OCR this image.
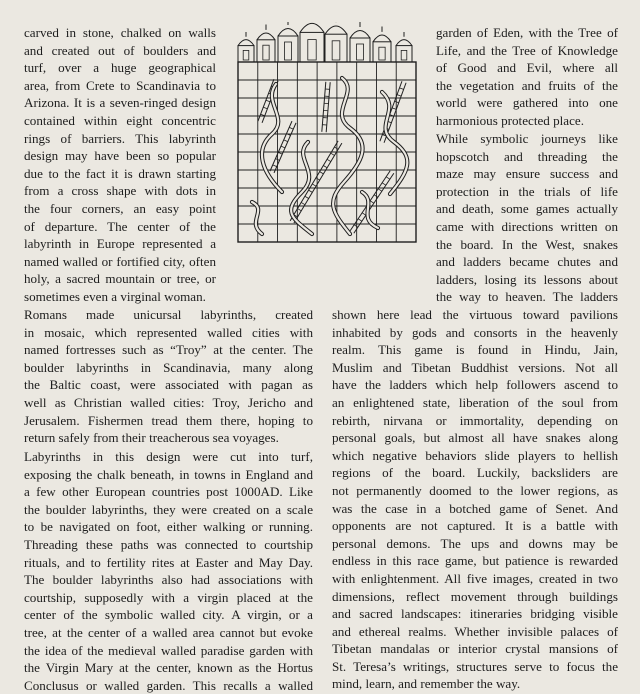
carved in stone, chalked on walls
and created out of boulders and
turf, over a huge geographical
area, from Crete to Scandinavia to
Arizona. It is a seven-ringed design
contained within eight concentric
rings of barriers. This labyrinth
design may have been so popular
due to the fact it is drawn starting
from a cross shape with dots in
the four corners, an easy point
of departure. The center of the
labyrinth in Europe represented a
named walled or fortified city, often
holy, a sacred mountain or tree, or
sometimes even a virginal woman.
Romans made unicursal labyrinths, created
in mosaic, which represented walled cities with
named fortresses such as “Troy” at the center. The
boulder labyrinths in Scandinavia, many along
the Baltic coast, were associated with pagan as
well as Christian walled cities: Troy, Jericho and
Jerusalem. Fishermen tread them there, hoping to
return safely from their treacherous sea voyages.
Labyrinths in this design were cut into turf,
exposing the chalk beneath, in towns in England and
a few other European countries post 1000AD. Like
the boulder labyrinths, they were created on a scale
to be navigated on foot, either walking or running.
Threading these paths was connected to courtship
rituals, and to fertility rites at Easter and May Day.
The boulder labyrinths also had associations with
courtship, supposedly with a virgin placed at the
center of the symbolic walled city. A virgin, or a
tree, at the center of a walled area cannot but evoke
the idea of the medieval walled paradise garden with
the Virgin Mary at the center, known as the Hortus
Conclusus or walled garden. This recalls a walled
garden of Eden, with the Tree of
Life, and the Tree of Knowledge
of Good and Evil, where all
the vegetation and fruits of the
world were gathered into one
harmonious protected place.
While symbolic journeys like
hopscotch and threading the
maze may ensure success and
protection in the trials of life
and death, some games actually
came with directions written on
the board. In the West, snakes
and ladders became chutes and
ladders, losing its lessons about
the way to heaven. The ladders
shown here lead the virtuous toward pavilions
inhabited by gods and consorts in the heavenly
realm. This game is found in Hindu, Jain,
Muslim and Tibetan Buddhist versions. Not all
have the ladders which help followers ascend to
an enlightened state, liberation of the soul from
rebirth, nirvana or immortality, depending on
personal goals, but almost all have snakes along
which negative behaviors slide players to hellish
regions of the board. Luckily, backsliders are
not permanently doomed to the lower regions, as
was the case in a botched game of Senet. And
opponents are not captured. It is a battle with
personal demons. The ups and downs may be
endless in this race game, but patience is rewarded
with enlightenment. All five images, created in two
dimensions, reflect movement through buildings
and sacred landscapes: itineraries bridging visible
and ethereal realms. Whether invisible palaces of
Tibetan mandalas or interior crystal mansions of
St. Teresa’s writings, structures serve to focus the
mind, learn, and remember the way.
